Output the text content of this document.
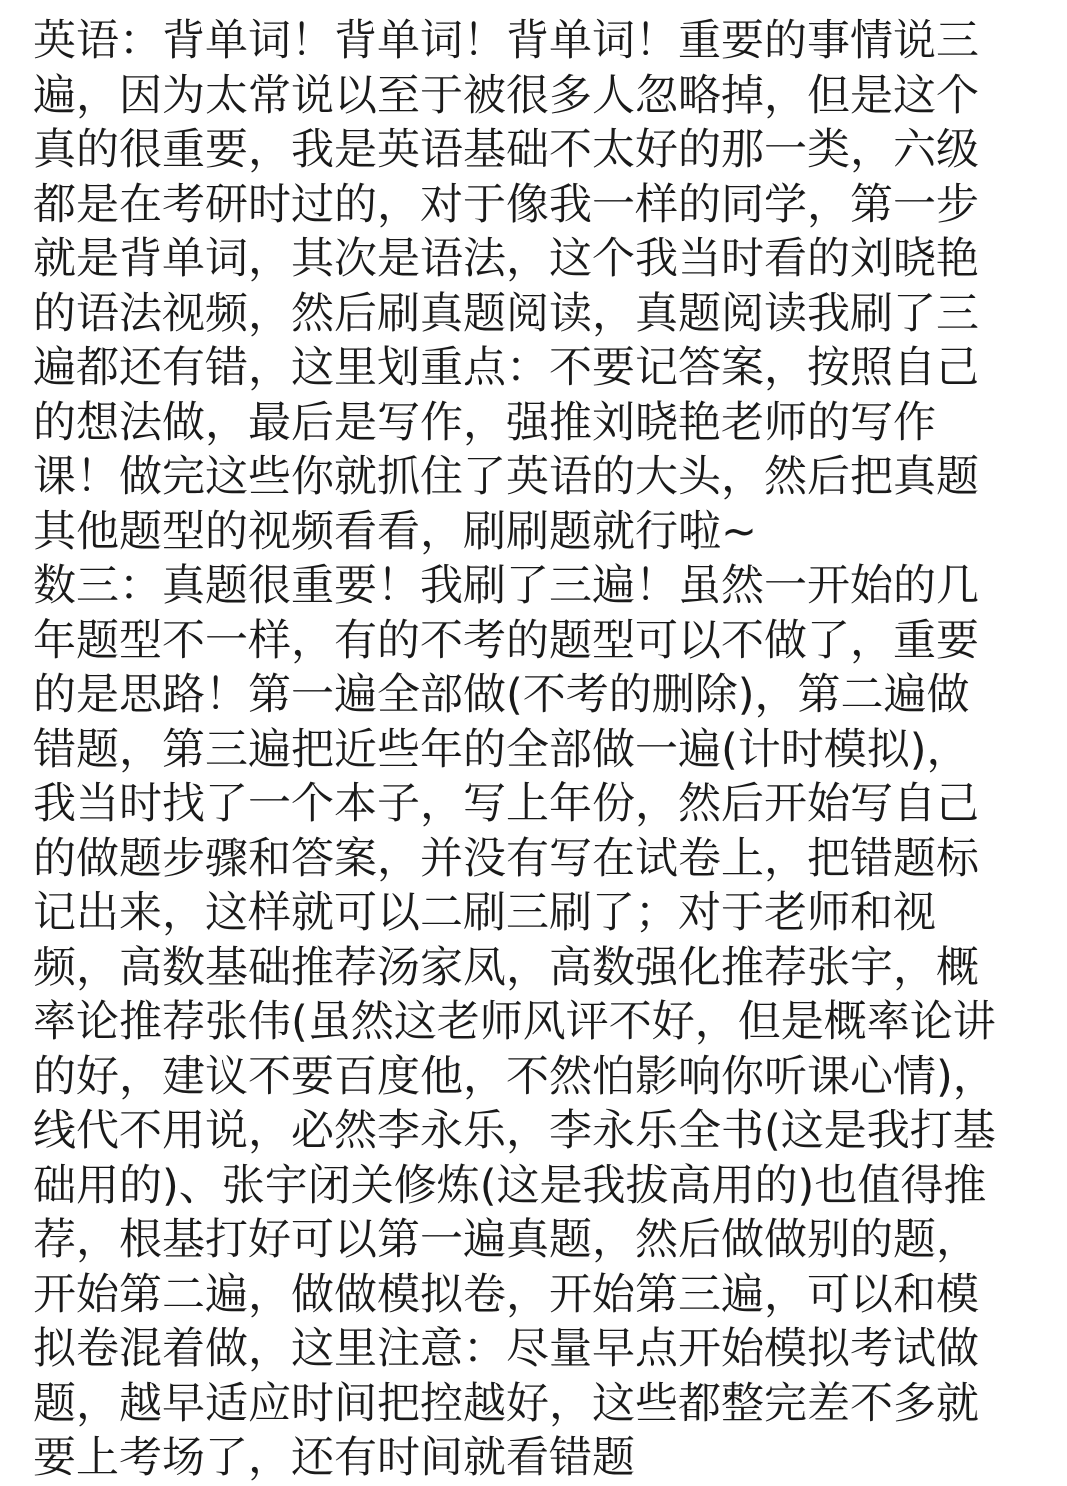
英语：背单词！背单词！背单词！重要的事情说三
遍，因为太常说以至于被很多人忽略掉，但是这个
真的很重要，我是英语基础不太好的那一类，六级
都是在考研时过的，对于像我一样的同学，第一步
就是背单词，其次是语法，这个我当时看的刘晓艳
的语法视频，然后刷真题阅读，真题阅读我刷了三
遍都还有错，这里划重点：不要记答案，按照自己
的想法做，最后是写作，强推刘晓艳老师的写作
课！做完这些你就抓住了英语的大头，然后把真题
其他题型的视频看看，刷刷题就行啦~
数三：真题很重要！我刷了三遍！虽然一开始的几
年题型不一样，有的不考的题型可以不做了，重要
的是思路！第一遍全部做(不考的删除)，第二遍做
错题，第三遍把近些年的全部做一遍(计时模拟)，
我当时找了一个本子，写上年份，然后开始写自己
的做题步骤和答案，并没有写在试卷上，把错题标
记出来，这样就可以二刷三刷了；对于老师和视
频，高数基础推荐汤家凤，高数强化推荐张宇，概
率论推荐张伟(虽然这老师风评不好，但是概率论讲
的好，建议不要百度他，不然怕影响你听课心情)，
线代不用说，必然李永乐，李永乐全书(这是我打基
础用的)、张宇闭关修炼(这是我拔高用的)也值得推
荐，根基打好可以第一遍真题，然后做做别的题，
开始第二遍，做做模拟卷，开始第三遍，可以和模
拟卷混着做，这里注意：尽量早点开始模拟考试做
题，越早适应时间把控越好，这些都整完差不多就
要上考场了，还有时间就看错题
